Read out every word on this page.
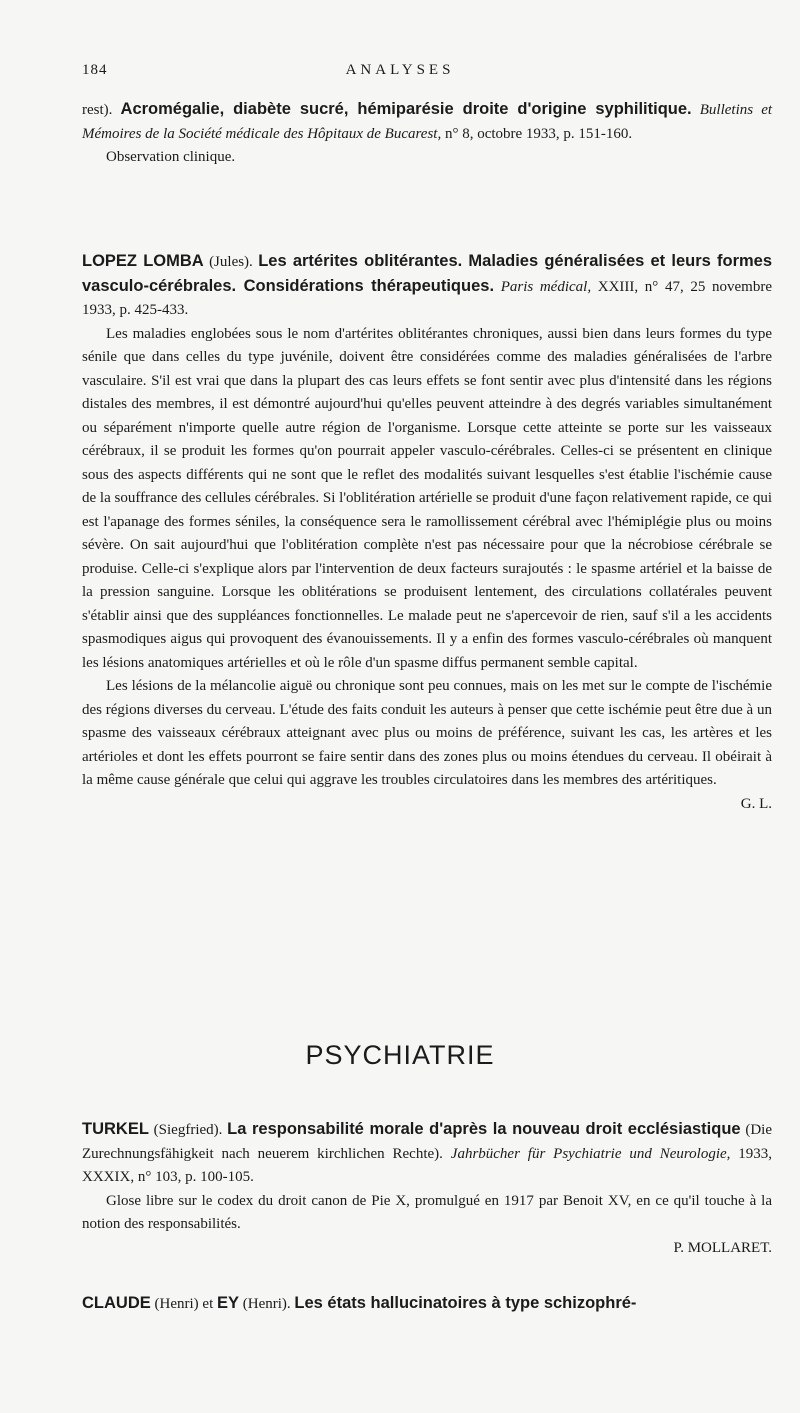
184	ANALYSES

rest). Acromégalie, diabète sucré, hémiparésie droite d'origine syphilitique. Bulletins et Mémoires de la Société médicale des Hôpitaux de Bucarest, n° 8, octobre 1933, p. 151-160.

Observation clinique.

LOPEZ LOMBA (Jules). Les artérites oblitérantes. Maladies généralisées et leurs formes vasculo-cérébrales. Considérations thérapeutiques. Paris médical, XXIII, n° 47, 25 novembre 1933, p. 425-433.

Les maladies englobées sous le nom d'artérites oblitérantes chroniques, aussi bien dans leurs formes du type sénile que dans celles du type juvénile, doivent être considérées comme des maladies généralisées de l'arbre vasculaire. S'il est vrai que dans la plupart des cas leurs effets se font sentir avec plus d'intensité dans les régions distales des membres, il est démontré aujourd'hui qu'elles peuvent atteindre à des degrés variables simultanément ou séparément n'importe quelle autre région de l'organisme. Lorsque cette atteinte se porte sur les vaisseaux cérébraux, il se produit les formes qu'on pourrait appeler vasculo-cérébrales. Celles-ci se présentent en clinique sous des aspects différents qui ne sont que le reflet des modalités suivant lesquelles s'est établie l'ischémie cause de la souffrance des cellules cérébrales. Si l'oblitération artérielle se produit d'une façon relativement rapide, ce qui est l'apanage des formes séniles, la conséquence sera le ramollissement cérébral avec l'hémiplégie plus ou moins sévère. On sait aujourd'hui que l'oblitération complète n'est pas nécessaire pour que la nécrobiose cérébrale se produise. Celle-ci s'explique alors par l'intervention de deux facteurs surajoutés : le spasme artériel et la baisse de la pression sanguine. Lorsque les oblitérations se produisent lentement, des circulations collatérales peuvent s'établir ainsi que des suppléances fonctionnelles. Le malade peut ne s'apercevoir de rien, sauf s'il a les accidents spasmodiques aigus qui provoquent des évanouissements. Il y a enfin des formes vasculo-cérébrales où manquent les lésions anatomiques artérielles et où le rôle d'un spasme diffus permanent semble capital.

Les lésions de la mélancolie aiguë ou chronique sont peu connues, mais on les met sur le compte de l'ischémie des régions diverses du cerveau. L'étude des faits conduit les auteurs à penser que cette ischémie peut être due à un spasme des vaisseaux cérébraux atteignant avec plus ou moins de préférence, suivant les cas, les artères et les artérioles et dont les effets pourront se faire sentir dans des zones plus ou moins étendues du cerveau. Il obéirait à la même cause générale que celui qui aggrave les troubles circulatoires dans les membres des artéritiques.

G. L.

PSYCHIATRIE

TURKEL (Siegfried). La responsabilité morale d'après la nouveau droit ecclésiastique (Die Zurechnungsfähigkeit nach neuerem kirchlichen Rechte). Jahrbücher für Psychiatrie und Neurologie, 1933, XXXIX, n° 103, p. 100-105.

Glose libre sur le codex du droit canon de Pie X, promulgué en 1917 par Benoit XV, en ce qu'il touche à la notion des responsabilités.

P. MOLLARET.

CLAUDE (Henri) et EY (Henri). Les états hallucinatoires à type schizophré-
